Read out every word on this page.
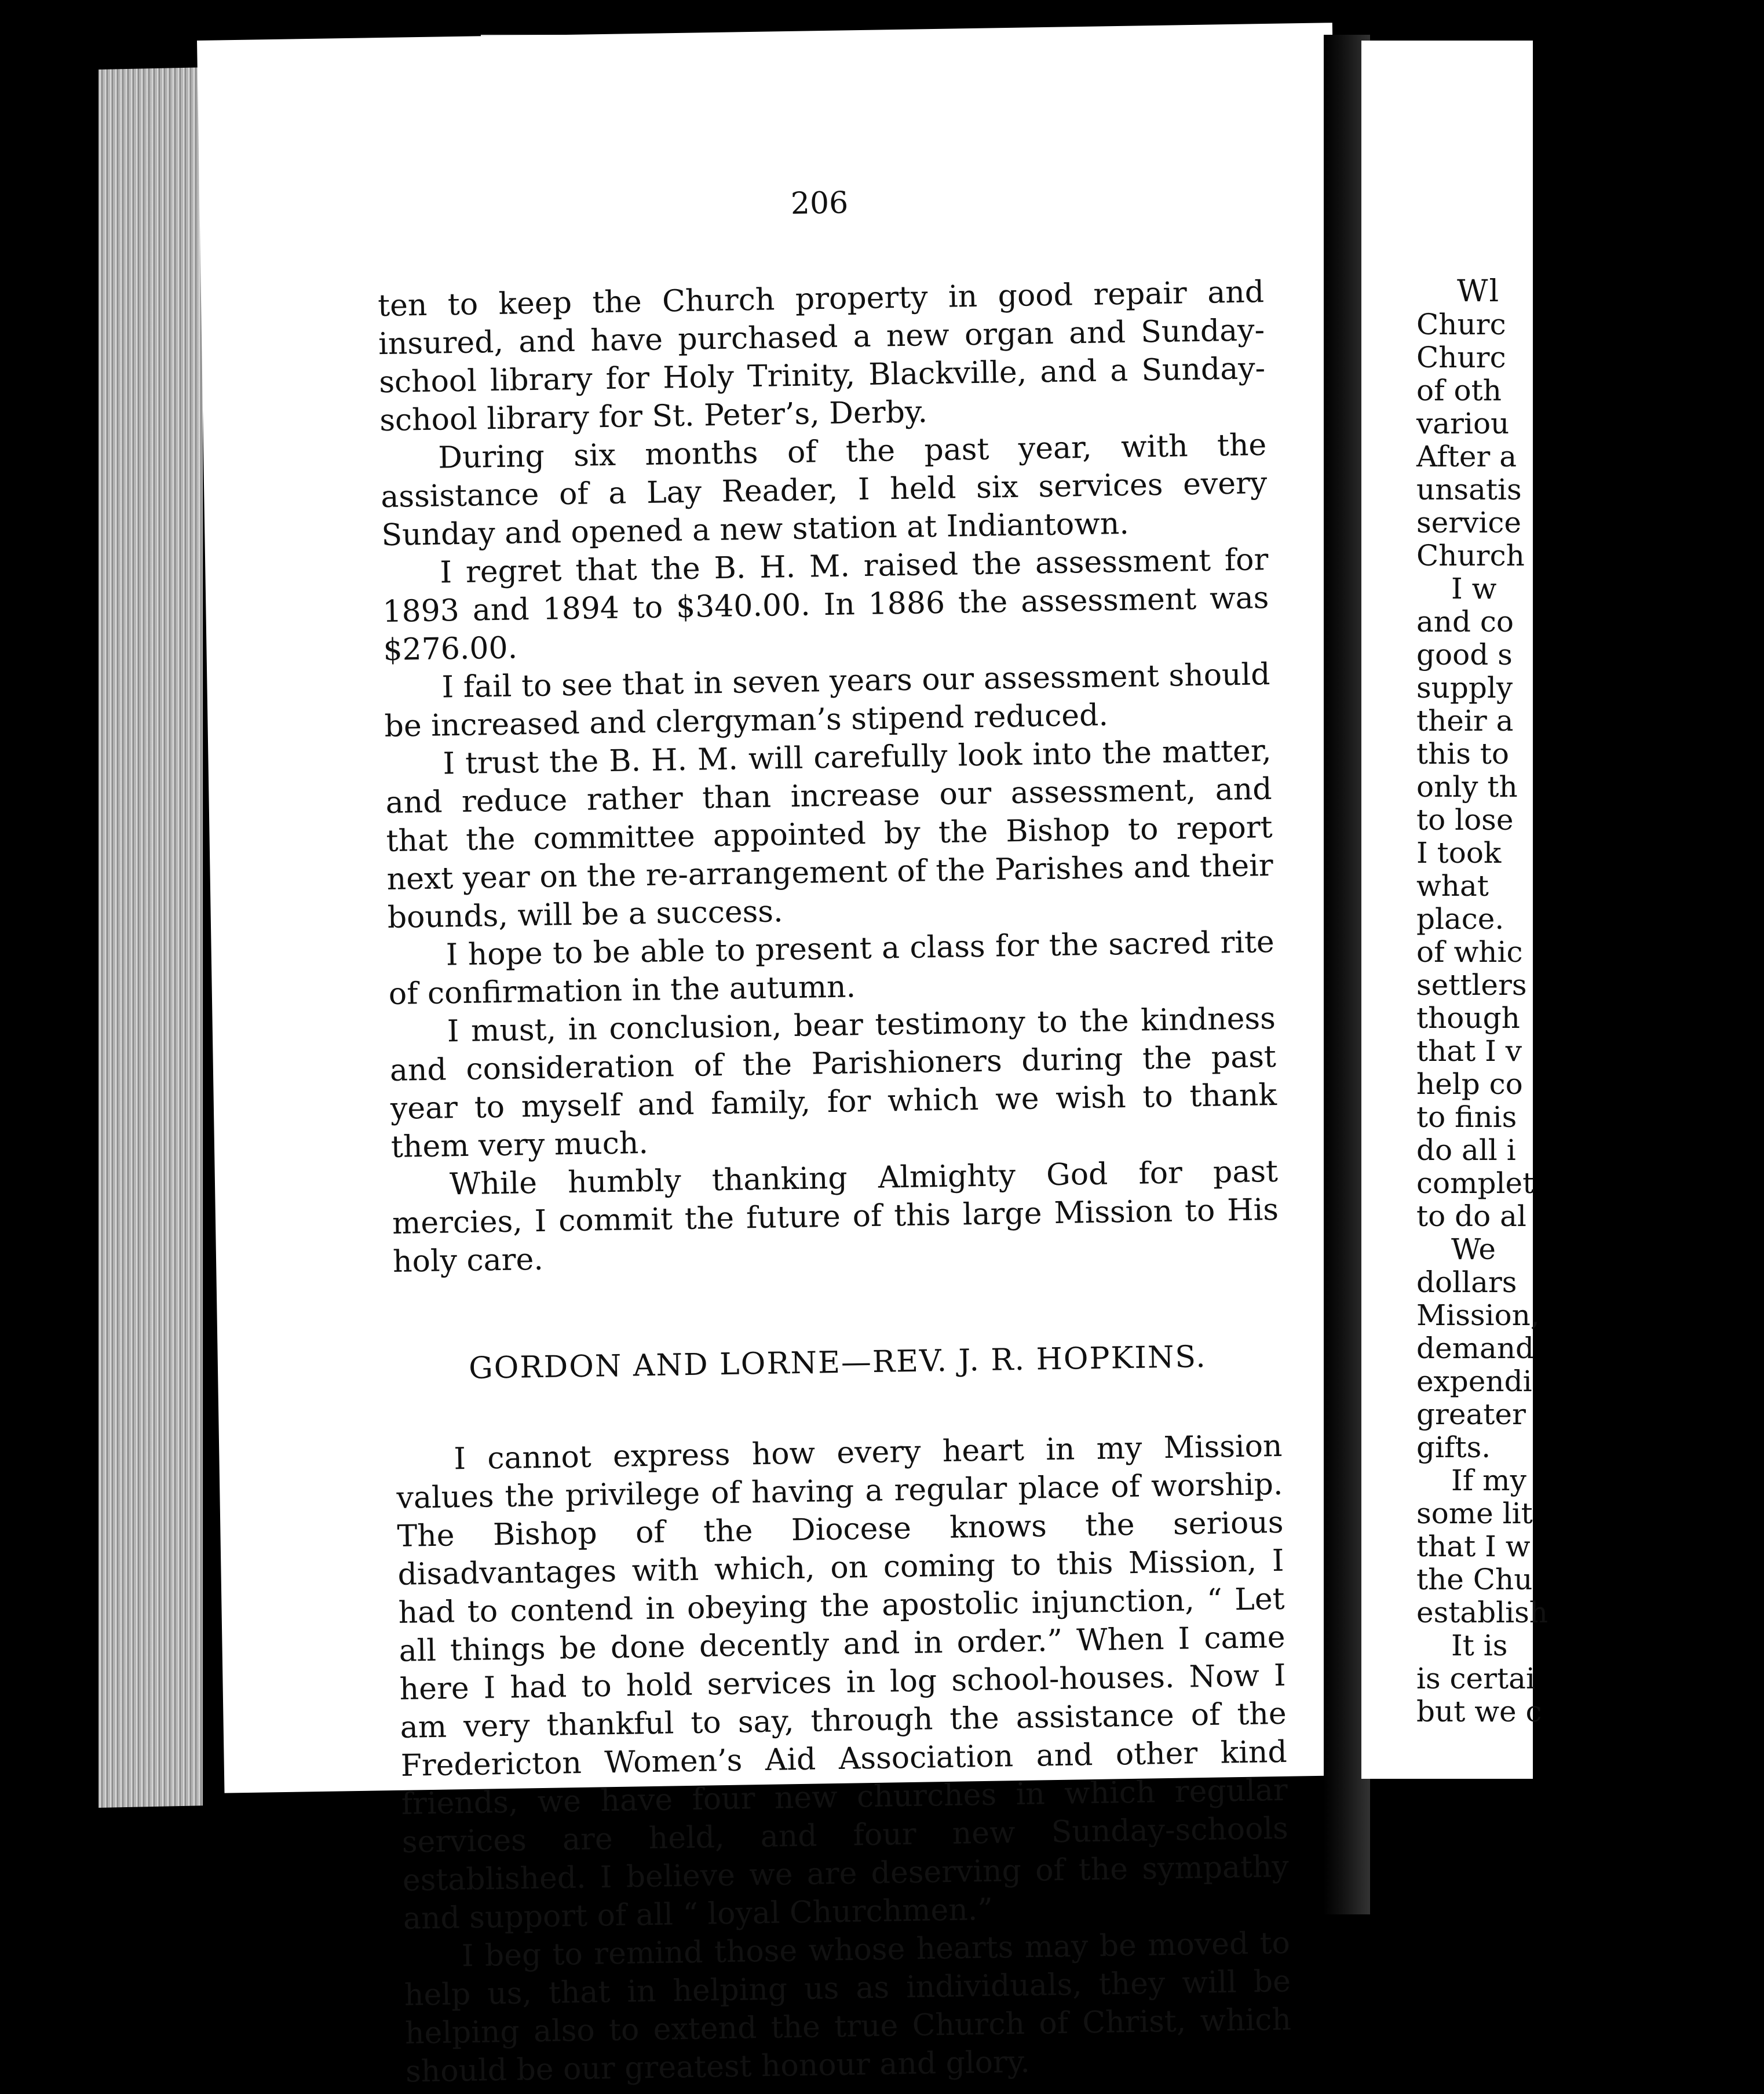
206

ten to keep the Church property in good repair and insured, and have purchased a new organ and Sunday-school library for Holy Trinity, Blackville, and a Sunday-school library for St. Peter’s, Derby.

During six months of the past year, with the assistance of a Lay Reader, I held six services every Sunday and opened a new station at Indiantown.

I regret that the B. H. M. raised the assessment for 1893 and 1894 to $340.00. In 1886 the assessment was $276.00.

I fail to see that in seven years our assessment should be increased and clergyman’s stipend reduced.

I trust the B. H. M. will carefully look into the matter, and reduce rather than increase our assessment, and that the committee appointed by the Bishop to report next year on the re-arrangement of the Parishes and their bounds, will be a success.

I hope to be able to present a class for the sacred rite of confirmation in the autumn.

I must, in conclusion, bear testimony to the kindness and consideration of the Parishioners during the past year to myself and family, for which we wish to thank them very much.

While humbly thanking Almighty God for past mercies, I commit the future of this large Mission to His holy care.

GORDON AND LORNE—REV. J. R. HOPKINS.

I cannot express how every heart in my Mission values the privilege of having a regular place of worship. The Bishop of the Diocese knows the serious disadvantages with which, on coming to this Mission, I had to contend in obeying the apostolic injunction, “ Let all things be done decently and in order.” When I came here I had to hold services in log school-houses. Now I am very thankful to say, through the assistance of the Fredericton Women’s Aid Association and other kind friends, we have four new churches in which regular services are held, and four new Sunday-schools established. I believe we are deserving of the sympathy and support of all “ loyal Churchmen.”

I beg to remind those whose hearts may be moved to help us, that in helping us as individuals, they will be helping also to extend the true Church of Christ, which should be our greatest honour and glory.

Wl
Churc
Churc
of oth
variou
After a
unsatis
service
Church
I w
and co
good s
supply
their a
this to
only th
to lose
I took
what
place.
of whic
settlers
though
that I v
help co
to finis
do all i
complet
to do al
We
dollars
Mission,
demand
expendi
greater
gifts.
If my
some lit
that I w
the Chu
establish
It is
is certai
but we c
